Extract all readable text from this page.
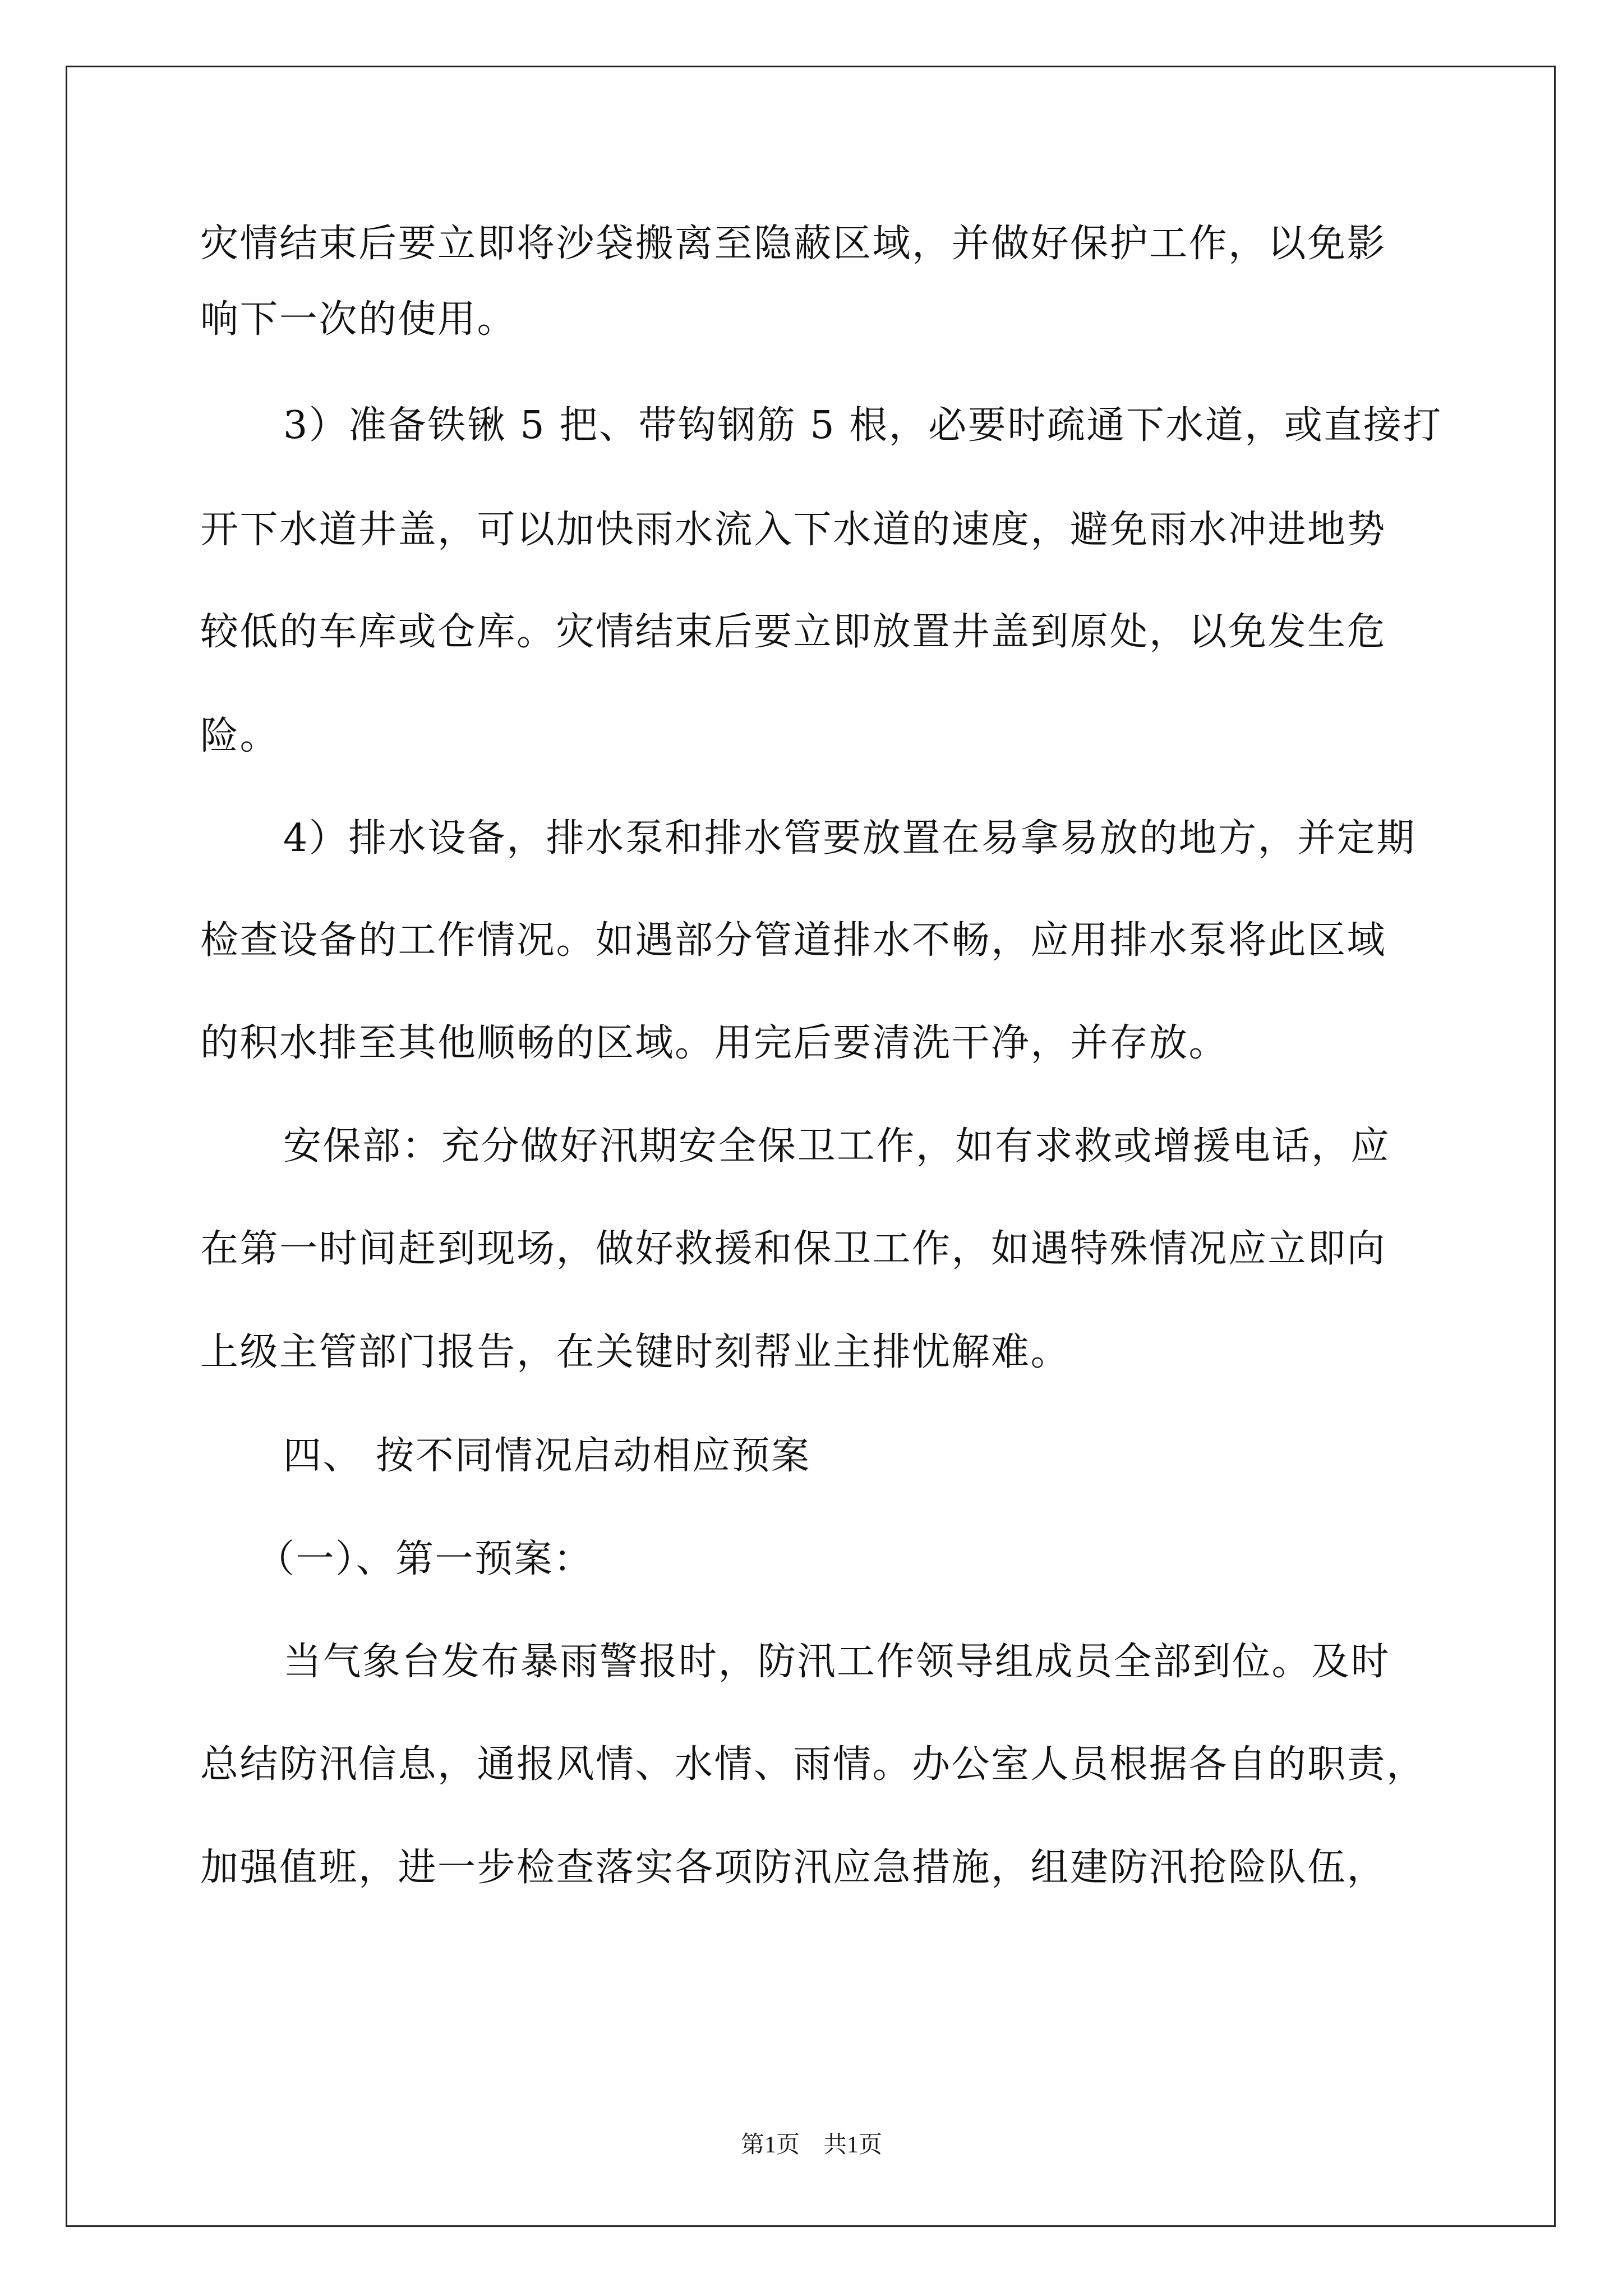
灾情结束后要立即将沙袋搬离至隐蔽区域，并做好保护工作，以免影
响下一次的使用。
3）准备铁锹 5 把、带钩钢筋 5 根，必要时疏通下水道，或直接打
开下水道井盖，可以加快雨水流入下水道的速度，避免雨水冲进地势
较低的车库或仓库。灾情结束后要立即放置井盖到原处，以免发生危
险。
4）排水设备，排水泵和排水管要放置在易拿易放的地方，并定期
检查设备的工作情况。如遇部分管道排水不畅，应用排水泵将此区域
的积水排至其他顺畅的区域。用完后要清洗干净，并存放。
安保部：充分做好汛期安全保卫工作，如有求救或增援电话，应
在第一时间赶到现场，做好救援和保卫工作，如遇特殊情况应立即向
上级主管部门报告，在关键时刻帮业主排忧解难。
四、 按不同情况启动相应预案
（一）、第一预案：
当气象台发布暴雨警报时，防汛工作领导组成员全部到位。及时
总结防汛信息，通报风情、水情、雨情。办公室人员根据各自的职责，
加强值班，进一步检查落实各项防汛应急措施，组建防汛抢险队伍，
第1页　共1页
